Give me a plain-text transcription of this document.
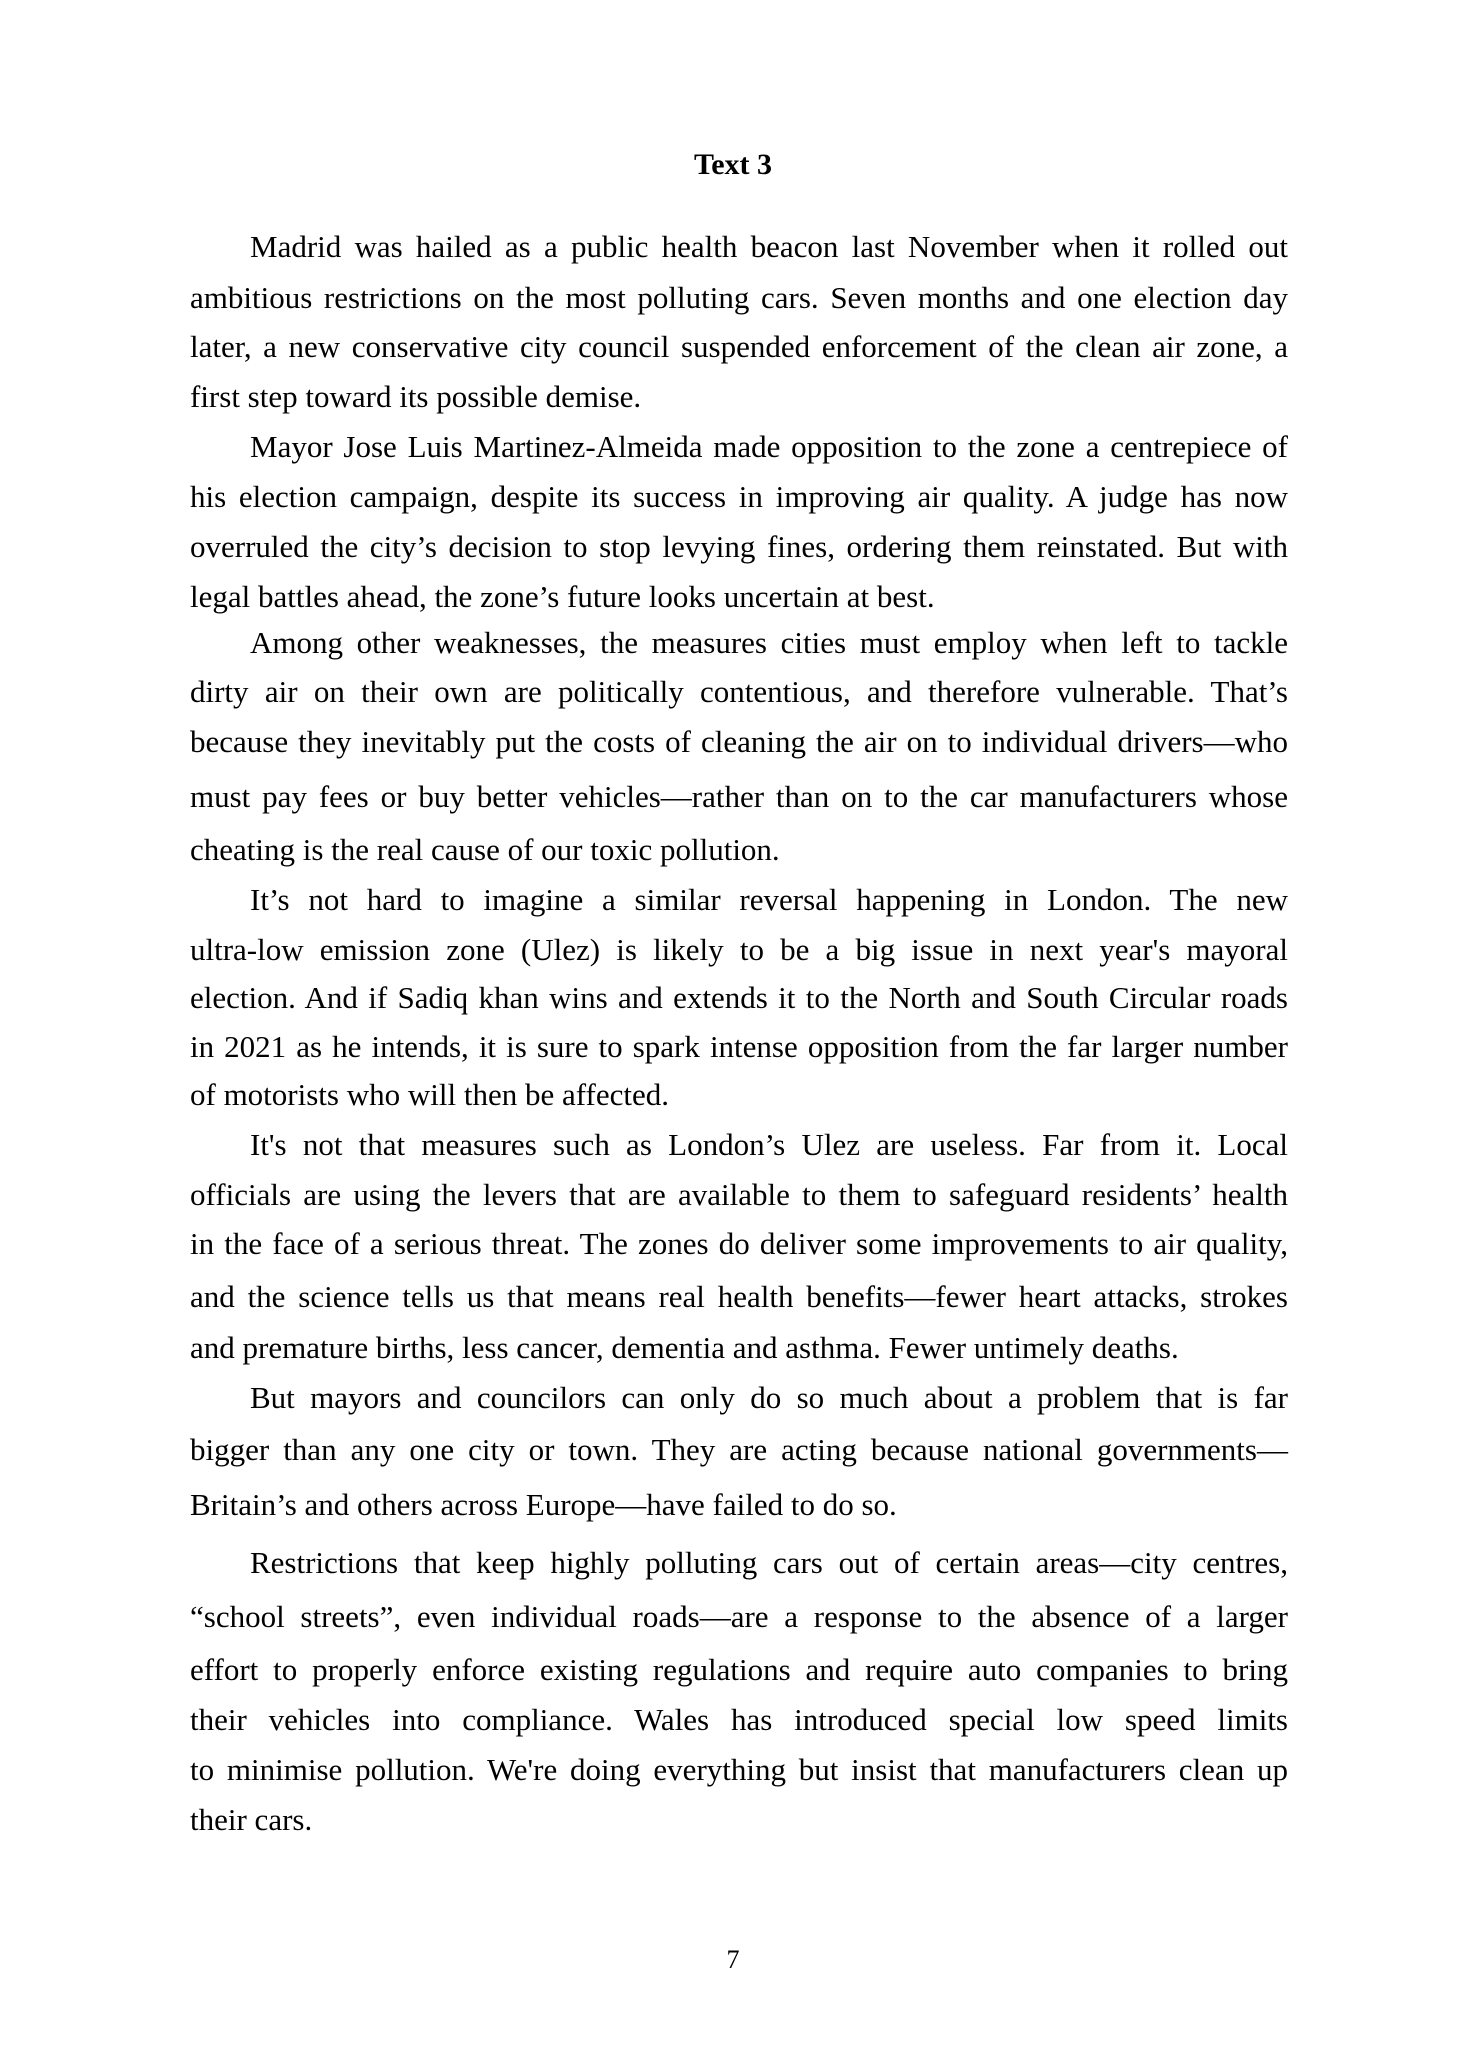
Text 3
Madrid was hailed as a public health beacon last November when it rolled out
ambitious restrictions on the most polluting cars. Seven months and one election day
later, a new conservative city council suspended enforcement of the clean air zone, a
first step toward its possible demise.
Mayor Jose Luis Martinez-Almeida made opposition to the zone a centrepiece of
his election campaign, despite its success in improving air quality. A judge has now
overruled the city’s decision to stop levying fines, ordering them reinstated. But with
legal battles ahead, the zone’s future looks uncertain at best.
Among other weaknesses, the measures cities must employ when left to tackle
dirty air on their own are politically contentious, and therefore vulnerable. That’s
because they inevitably put the costs of cleaning the air on to individual drivers—who
must pay fees or buy better vehicles—rather than on to the car manufacturers whose
cheating is the real cause of our toxic pollution.
It’s not hard to imagine a similar reversal happening in London. The new
ultra-low emission zone (Ulez) is likely to be a big issue in next year's mayoral
election. And if Sadiq khan wins and extends it to the North and South Circular roads
in 2021 as he intends, it is sure to spark intense opposition from the far larger number
of motorists who will then be affected.
It's not that measures such as London’s Ulez are useless. Far from it. Local
officials are using the levers that are available to them to safeguard residents’ health
in the face of a serious threat. The zones do deliver some improvements to air quality,
and the science tells us that means real health benefits—fewer heart attacks, strokes
and premature births, less cancer, dementia and asthma. Fewer untimely deaths.
But mayors and councilors can only do so much about a problem that is far
bigger than any one city or town. They are acting because national governments—
Britain’s and others across Europe—have failed to do so.
Restrictions that keep highly polluting cars out of certain areas—city centres,
“school streets”, even individual roads—are a response to the absence of a larger
effort to properly enforce existing regulations and require auto companies to bring
their vehicles into compliance. Wales has introduced special low speed limits
to minimise pollution. We're doing everything but insist that manufacturers clean up
their cars.
7
